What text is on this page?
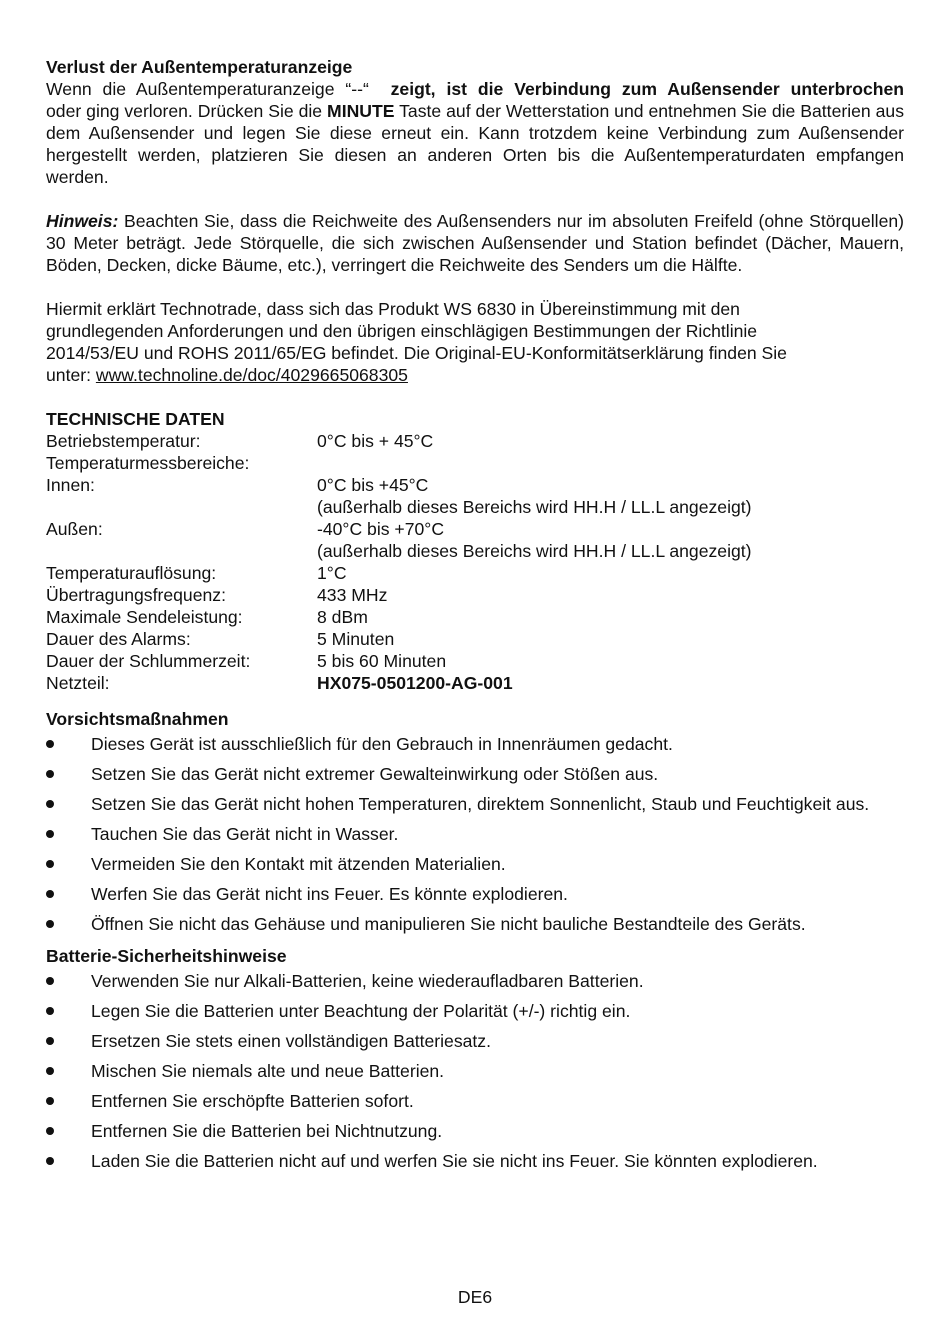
Verlust der Außentemperaturanzeige

Wenn die Außentemperaturanzeige “--“ zeigt, ist die Verbindung zum Außensender unterbrochen

oder ging verloren. Drücken Sie die MINUTE Taste auf der Wetterstation und entnehmen Sie die Batterien aus dem Außensender und legen Sie diese erneut ein. Kann trotzdem keine Verbindung zum Außensender hergestellt werden, platzieren Sie diesen an anderen Orten bis die Außentemperaturdaten empfangen werden.

Hinweis: Beachten Sie, dass die Reichweite des Außensenders nur im absoluten Freifeld (ohne Störquellen) 30 Meter beträgt. Jede Störquelle, die sich zwischen Außensender und Station befindet (Dächer, Mauern, Böden, Decken, dicke Bäume, etc.), verringert die Reichweite des Senders um die Hälfte.

Hiermit erklärt Technotrade, dass sich das Produkt WS 6830 in Übereinstimmung mit den
grundlegenden Anforderungen und den übrigen einschlägigen Bestimmungen der Richtlinie
2014/53/EU und ROHS 2011/65/EG befindet. Die Original-EU-Konformitätserklärung finden Sie
unter: www.technoline.de/doc/4029665068305

TECHNISCHE DATEN

Betriebstemperatur:	0°C bis + 45°C
Temperaturmessbereiche:	
Innen:	0°C bis +45°C
	(außerhalb dieses Bereichs wird HH.H / LL.L angezeigt)
Außen:	-40°C bis +70°C
	(außerhalb dieses Bereichs wird HH.H / LL.L angezeigt)
Temperaturauflösung:	1°C
Übertragungsfrequenz:	433 MHz
Maximale Sendeleistung:	8 dBm
Dauer des Alarms:	5 Minuten
Dauer der Schlummerzeit:	5 bis 60 Minuten
Netzteil:	HX075-0501200-AG-001

Vorsichtsmaßnahmen

Dieses Gerät ist ausschließlich für den Gebrauch in Innenräumen gedacht.
Setzen Sie das Gerät nicht extremer Gewalteinwirkung oder Stößen aus.
Setzen Sie das Gerät nicht hohen Temperaturen, direktem Sonnenlicht, Staub und Feuchtigkeit aus.
Tauchen Sie das Gerät nicht in Wasser.
Vermeiden Sie den Kontakt mit ätzenden Materialien.
Werfen Sie das Gerät nicht ins Feuer. Es könnte explodieren.
Öffnen Sie nicht das Gehäuse und manipulieren Sie nicht bauliche Bestandteile des Geräts.

Batterie-Sicherheitshinweise

Verwenden Sie nur Alkali-Batterien, keine wiederaufladbaren Batterien.
Legen Sie die Batterien unter Beachtung der Polarität (+/-) richtig ein.
Ersetzen Sie stets einen vollständigen Batteriesatz.
Mischen Sie niemals alte und neue Batterien.
Entfernen Sie erschöpfte Batterien sofort.
Entfernen Sie die Batterien bei Nichtnutzung.
Laden Sie die Batterien nicht auf und werfen Sie sie nicht ins Feuer. Sie könnten explodieren.
DE6
